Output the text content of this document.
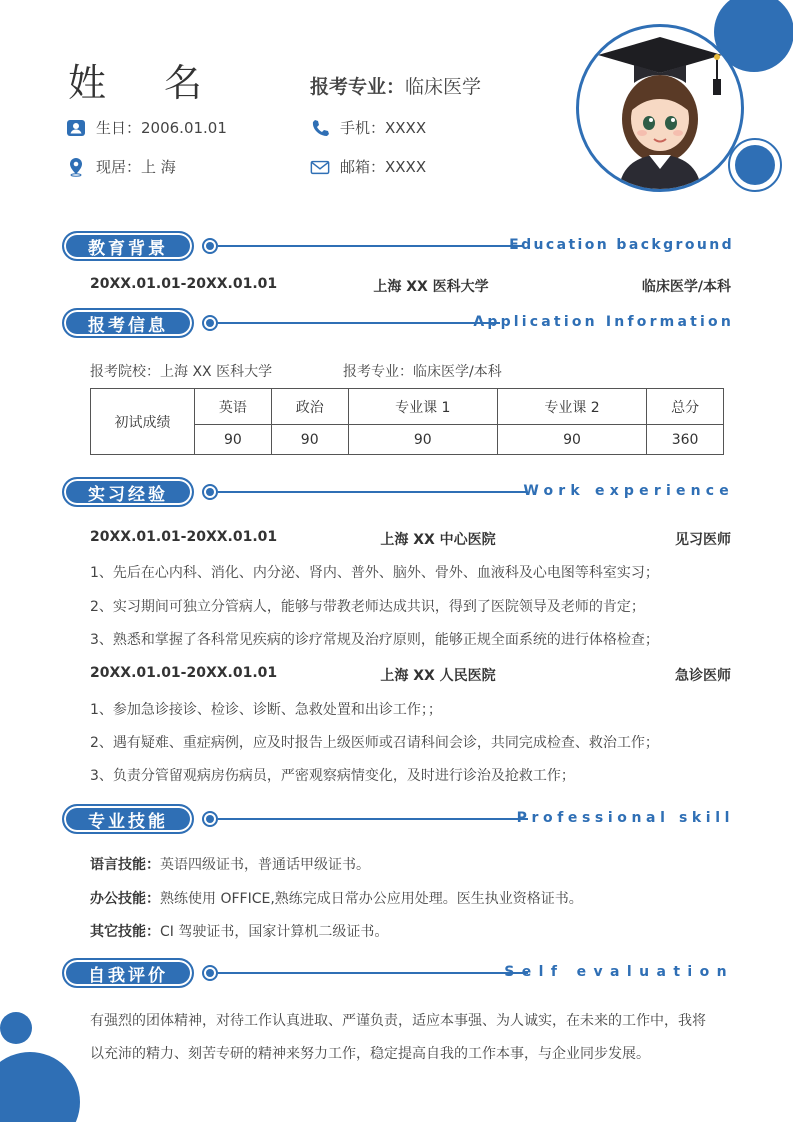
姓名	报考专业：临床医学
生日：2006.01.01	手机：XXXX
现居：上 海	邮箱：XXXX
教育背景	Education background
20XX.01.01-20XX.01.01	上海 XX 医科大学	临床医学/本科
报考信息	Application Information
报考院校：上海 XX 医科大学	报考专业：临床医学/本科
初试成绩	英语	政治	专业课 1	专业课 2	总分
	90	90	90	90	360
实习经验	Work experience
20XX.01.01-20XX.01.01	上海 XX 中心医院	见习医师
1、先后在心内科、消化、内分泌、肾内、普外、脑外、骨外、血液科及心电图等科室实习；
2、实习期间可独立分管病人，能够与带教老师达成共识，得到了医院领导及老师的肯定；
3、熟悉和掌握了各科常见疾病的诊疗常规及治疗原则，能够正规全面系统的进行体格检查；
20XX.01.01-20XX.01.01	上海 XX 人民医院	急诊医师
1、参加急诊接诊、检诊、诊断、急救处置和出诊工作；；
2、遇有疑难、重症病例，应及时报告上级医师或召请科间会诊，共同完成检查、救治工作；
3、负责分管留观病房伤病员，严密观察病情变化，及时进行诊治及抢救工作；
专业技能	Professional skill
语言技能：英语四级证书，普通话甲级证书。
办公技能：熟练使用 OFFICE,熟练完成日常办公应用处理。医生执业资格证书。
其它技能：CI 驾驶证书，国家计算机二级证书。
自我评价	Self evaluation
有强烈的团体精神，对待工作认真进取、严谨负责，适应本事强、为人诚实，在未来的工作中，我将
以充沛的精力、刻苦专研的精神来努力工作，稳定提高自我的工作本事，与企业同步发展。
